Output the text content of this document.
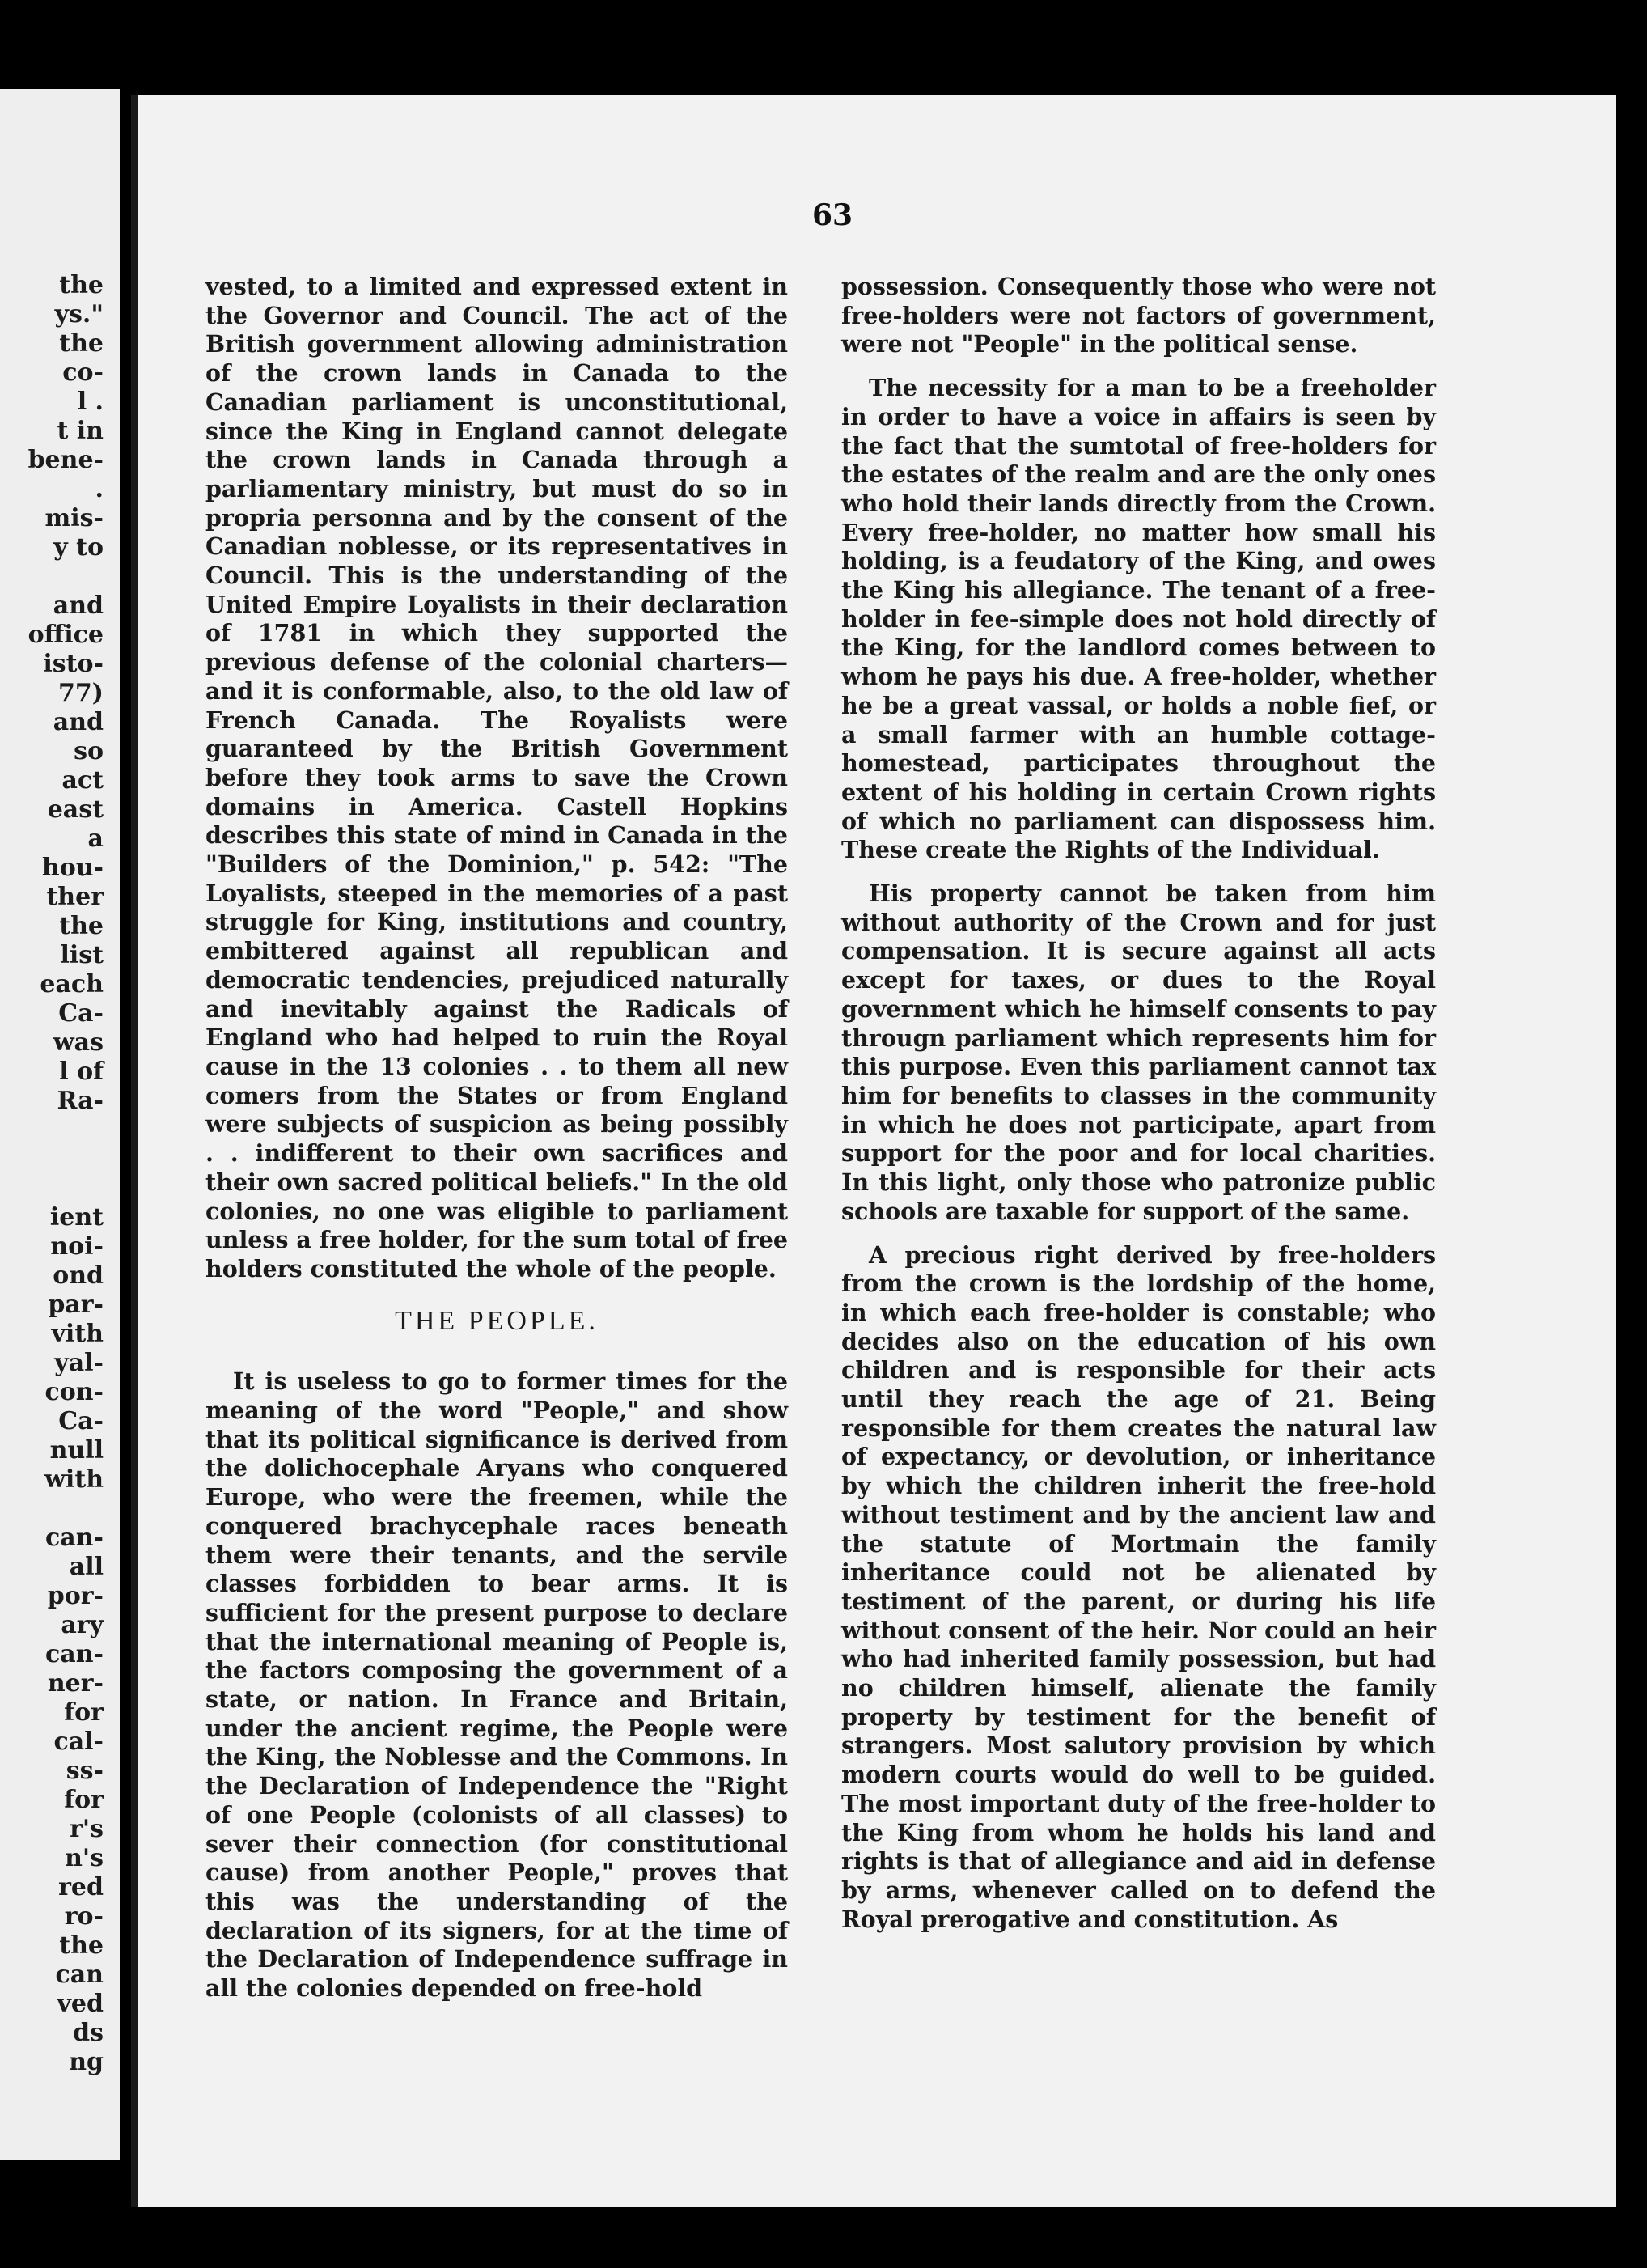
the
ys."
the
co-
l .
t in
bene-
.
mis-
y to

and
office
isto-
77)
and
so
act
east
a
hou-
ther
the
list
each
Ca-
was
l of
Ra-

ient
noi-
ond
par-
vith
yal-
con-
Ca-
null
with

can-
all
por-
ary
can-
ner-
for
cal-
ss-
for
r's
n's
red
ro-
the
can
ved
ds
ng
63

vested, to a limited and expressed extent in the Governor and Council. The act of the British government allowing administration of the crown lands in Canada to the Canadian parliament is unconstitutional, since the King in England cannot delegate the crown lands in Canada through a parliamentary ministry, but must do so in propria personna and by the consent of the Canadian noblesse, or its representatives in Council. This is the understanding of the United Empire Loyalists in their declaration of 1781 in which they supported the previous defense of the colonial charters—and it is conformable, also, to the old law of French Canada. The Royalists were guaranteed by the British Government before they took arms to save the Crown domains in America. Castell Hopkins describes this state of mind in Canada in the "Builders of the Dominion," p. 542: "The Loyalists, steeped in the memories of a past struggle for King, institutions and country, embittered against all republican and democratic tendencies, prejudiced naturally and inevitably against the Radicals of England who had helped to ruin the Royal cause in the 13 colonies . . to them all new comers from the States or from England were subjects of suspicion as being possibly . . indifferent to their own sacrifices and their own sacred political beliefs." In the old colonies, no one was eligible to parliament unless a free holder, for the sum total of free holders constituted the whole of the people.

THE PEOPLE.

It is useless to go to former times for the meaning of the word "People," and show that its political significance is derived from the dolichocephale Aryans who conquered Europe, who were the freemen, while the conquered brachycephale races beneath them were their tenants, and the servile classes forbidden to bear arms. It is sufficient for the present purpose to declare that the international meaning of People is, the factors composing the government of a state, or nation. In France and Britain, under the ancient regime, the People were the King, the Noblesse and the Commons. In the Declaration of Independence the "Right of one People (colonists of all classes) to sever their connection (for constitutional cause) from another People," proves that this was the understanding of the declaration of its signers, for at the time of the Declaration of Independence suffrage in all the colonies depended on free-hold

possession. Consequently those who were not free-holders were not factors of government, were not "People" in the political sense.

The necessity for a man to be a freeholder in order to have a voice in affairs is seen by the fact that the sumtotal of free-holders for the estates of the realm and are the only ones who hold their lands directly from the Crown. Every free-holder, no matter how small his holding, is a feudatory of the King, and owes the King his allegiance. The tenant of a free-holder in fee-simple does not hold directly of the King, for the landlord comes between to whom he pays his due. A free-holder, whether he be a great vassal, or holds a noble fief, or a small farmer with an humble cottage-homestead, participates throughout the extent of his holding in certain Crown rights of which no parliament can dispossess him. These create the Rights of the Individual.

His property cannot be taken from him without authority of the Crown and for just compensation. It is secure against all acts except for taxes, or dues to the Royal government which he himself consents to pay througn parliament which represents him for this purpose. Even this parliament cannot tax him for benefits to classes in the community in which he does not participate, apart from support for the poor and for local charities. In this light, only those who patronize public schools are taxable for support of the same.

A precious right derived by free-holders from the crown is the lordship of the home, in which each free-holder is constable; who decides also on the education of his own children and is responsible for their acts until they reach the age of 21. Being responsible for them creates the natural law of expectancy, or devolution, or inheritance by which the children inherit the free-hold without testiment and by the ancient law and the statute of Mortmain the family inheritance could not be alienated by testiment of the parent, or during his life without consent of the heir. Nor could an heir who had inherited family possession, but had no children himself, alienate the family property by testiment for the benefit of strangers. Most salutory provision by which modern courts would do well to be guided. The most important duty of the free-holder to the King from whom he holds his land and rights is that of allegiance and aid in defense by arms, whenever called on to defend the Royal prerogative and constitution. As
